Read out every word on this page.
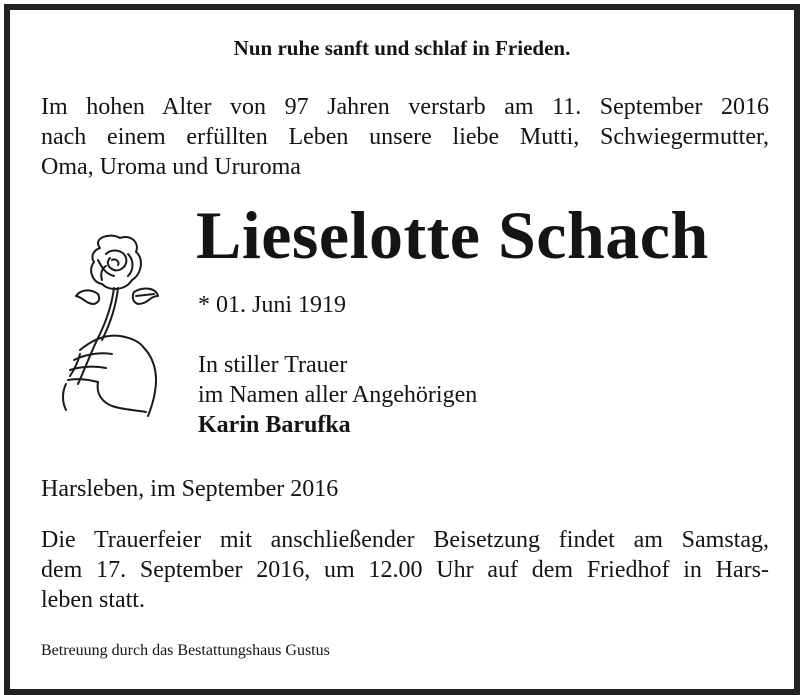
Nun ruhe sanft und schlaf in Frieden.
Im hohen Alter von 97 Jahren verstarb am 11. September 2016
nach einem erfüllten Leben unsere liebe Mutti, Schwiegermutter,
Oma, Uroma und Ururoma
Lieselotte Schach
* 01. Juni 1919
In stiller Trauer
im Namen aller Angehörigen
Karin Barufka
Harsleben, im September 2016
Die Trauerfeier mit anschließender Beisetzung findet am Samstag,
dem 17. September 2016, um 12.00 Uhr auf dem Friedhof in Hars-
leben statt.
Betreuung durch das Bestattungshaus Gustus
